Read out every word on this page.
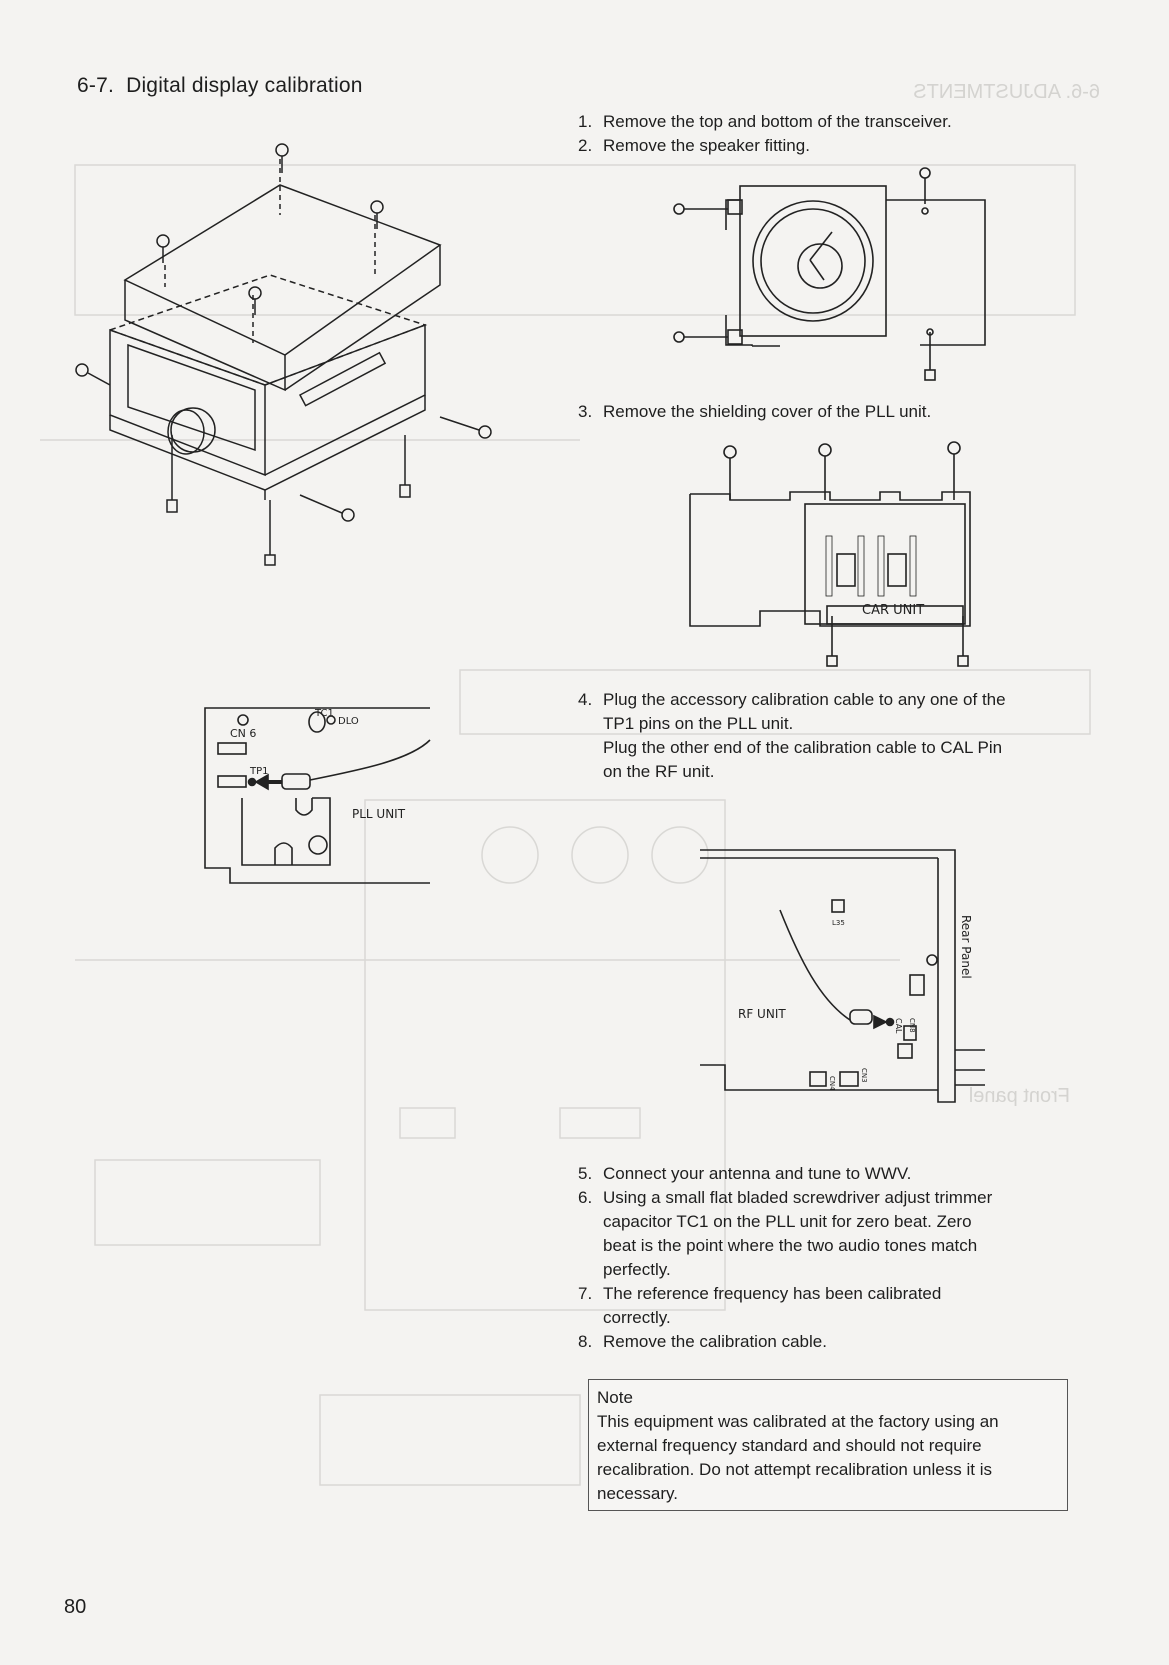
6-6. ADJUSTMENTS
Front panel
6-7. Digital display calibration
1. Remove the top and bottom of the transceiver.
2. Remove the speaker fitting.
3. Remove the shielding cover of the PLL unit.
CAR UNIT
CN 6
TP1
TC1
DLO
PLL UNIT
4. Plug the accessory calibration cable to any one of the
TP1 pins on the PLL unit.
Plug the other end of the calibration cable to CAL Pin
on the RF unit.
Rear Panel
L35
CAL CN8
RF UNIT
CN4
CN3
5. Connect your antenna and tune to WWV.
6. Using a small flat bladed screwdriver adjust trimmer
capacitor TC1 on the PLL unit for zero beat. Zero
beat is the point where the two audio tones match
perfectly.
7. The reference frequency has been calibrated
correctly.
8. Remove the calibration cable.
Note
This equipment was calibrated at the factory using an
external frequency standard and should not require
recalibration. Do not attempt recalibration unless it is
necessary.
80
